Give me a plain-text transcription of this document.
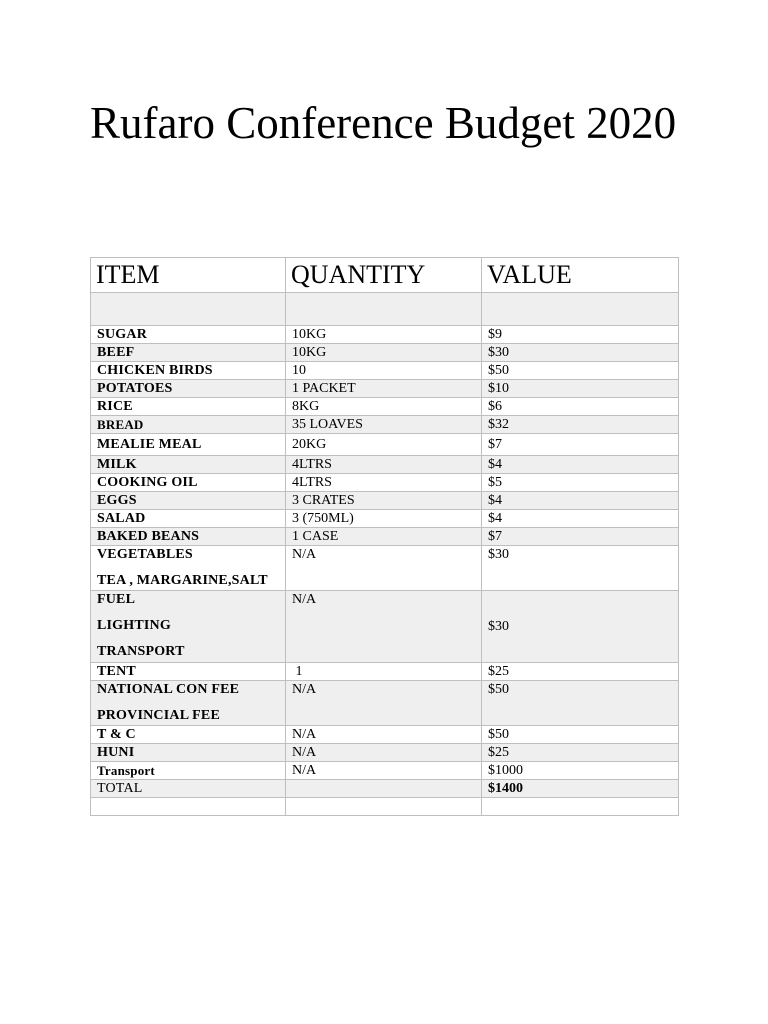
Rufaro Conference Budget 2020
ITEM	QUANTITY	VALUE

SUGAR	10KG	$9
BEEF	10KG	$30
CHICKEN BIRDS	10	$50
POTATOES	1 PACKET	$10
RICE	8KG	$6
BREAD	35 LOAVES	$32
MEALIE MEAL	20KG	$7
MILK	4LTRS	$4
COOKING OIL	4LTRS	$5
EGGS	3 CRATES	$4
SALAD	3 (750ML)	$4
BAKED BEANS	1 CASE	$7
VEGETABLES
TEA , MARGARINE,SALT	N/A	$30
FUEL
LIGHTING
TRANSPORT	N/A	$30

TENT	1	$25
NATIONAL CON FEE
PROVINCIAL FEE	N/A	$50
T & C	N/A	$50
HUNI	N/A	$25
Transport	N/A	$1000
TOTAL		$1400
